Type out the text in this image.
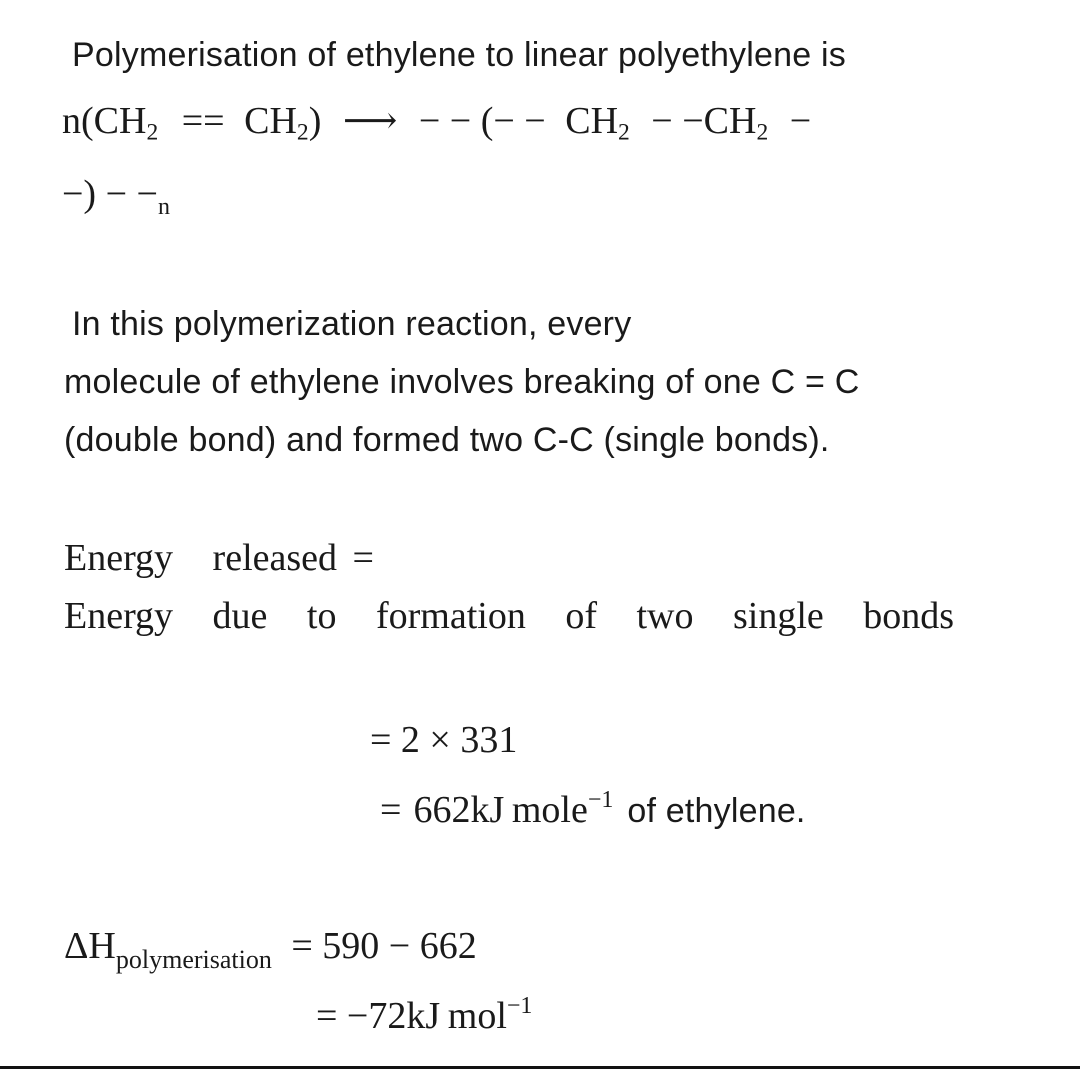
Polymerisation of ethylene to linear polyethylene is
$n(CH_2 == CH_2)$ ⟶ − − (− − $CH_2 - -CH_2$ −
−) − $-_n$
In this polymerization reaction, every
molecule of ethylene involves breaking of one C = C
(double bond) and formed two C-C (single bonds).
Energy released =
Energy due to formation of two single bonds
= 2 × 331
= 662kJ mole$^{-1}$ of ethylene.
$\Delta H_{polymerisation} = 590 - 662$
= −72kJ mol$^{-1}$
